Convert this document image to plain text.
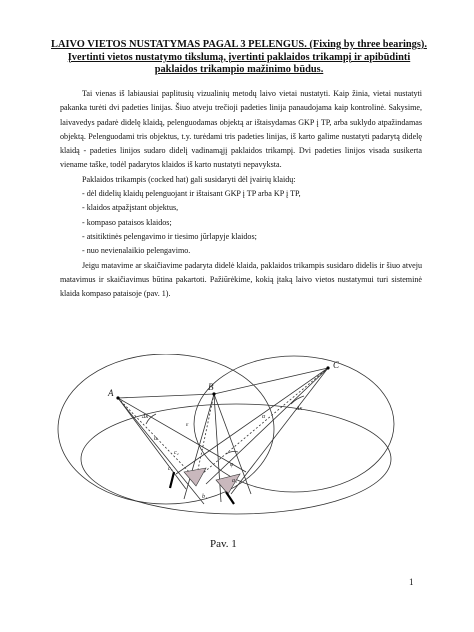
LAIVO VIETOS NUSTATYMAS PAGAL 3 PELENGUS. (Fixing by three bearings). Įvertinti vietos nustatymo tikslumą, įvertinti paklaidos trikampį ir apibūdinti paklaidos trikampio mažinimo būdus.

Tai vienas iš labiausiai paplitusių vizualinių metodų laivo vietai nustatyti. Kaip žinia, vietai nustatyti pakanka turėti dvi padeties linijas. Šiuo atveju trečioji padeties linija panaudojama kaip kontrolinė. Sakysime, laivavedys padarė didelę klaidą, pelenguodamas objektą ar ištaisydamas GKP į TP, arba suklydo atpažindamas objektą. Pelenguodami tris objektus, t.y. turėdami tris padeties linijas, iš karto galime nustatyti padarytą didelę klaidą - padeties linijos sudaro didelį vadinamąjį paklaidos trikampį. Dvi padeties linijos visada susikerta viename taške, todėl padarytos klaidos iš karto nustatyti nepavyksta.

Paklaidos trikampis (cocked hat) gali susidaryti dėl įvairių klaidų:

- dėl didelių klaidų pelenguojant ir ištaisant GKP į TP arba KP į TP,

- klaidos atpažįstant objektus,

- kompaso pataisos klaidos;

- atsitiktinės pelengavimo ir tiesimo jūrlapyje klaidos;

- nuo nevienalaikio pelengavimo.

Jeigu matavime ar skaičiavime padaryta didelė klaida, paklaidos trikampis susidaro didelis ir šiuo atveju matavimus ir skaičiavimus būtina pakartoti. Pažiūrėkime, kokią įtaką laivo vietos nustatymui turi sisteminė klaida kompaso pataisoje (pav. 1).

A
B
C
c₁
b₁
a₁
c₂
φ
α
ε
α
Δκ
Δκ
Pav. 1
1
